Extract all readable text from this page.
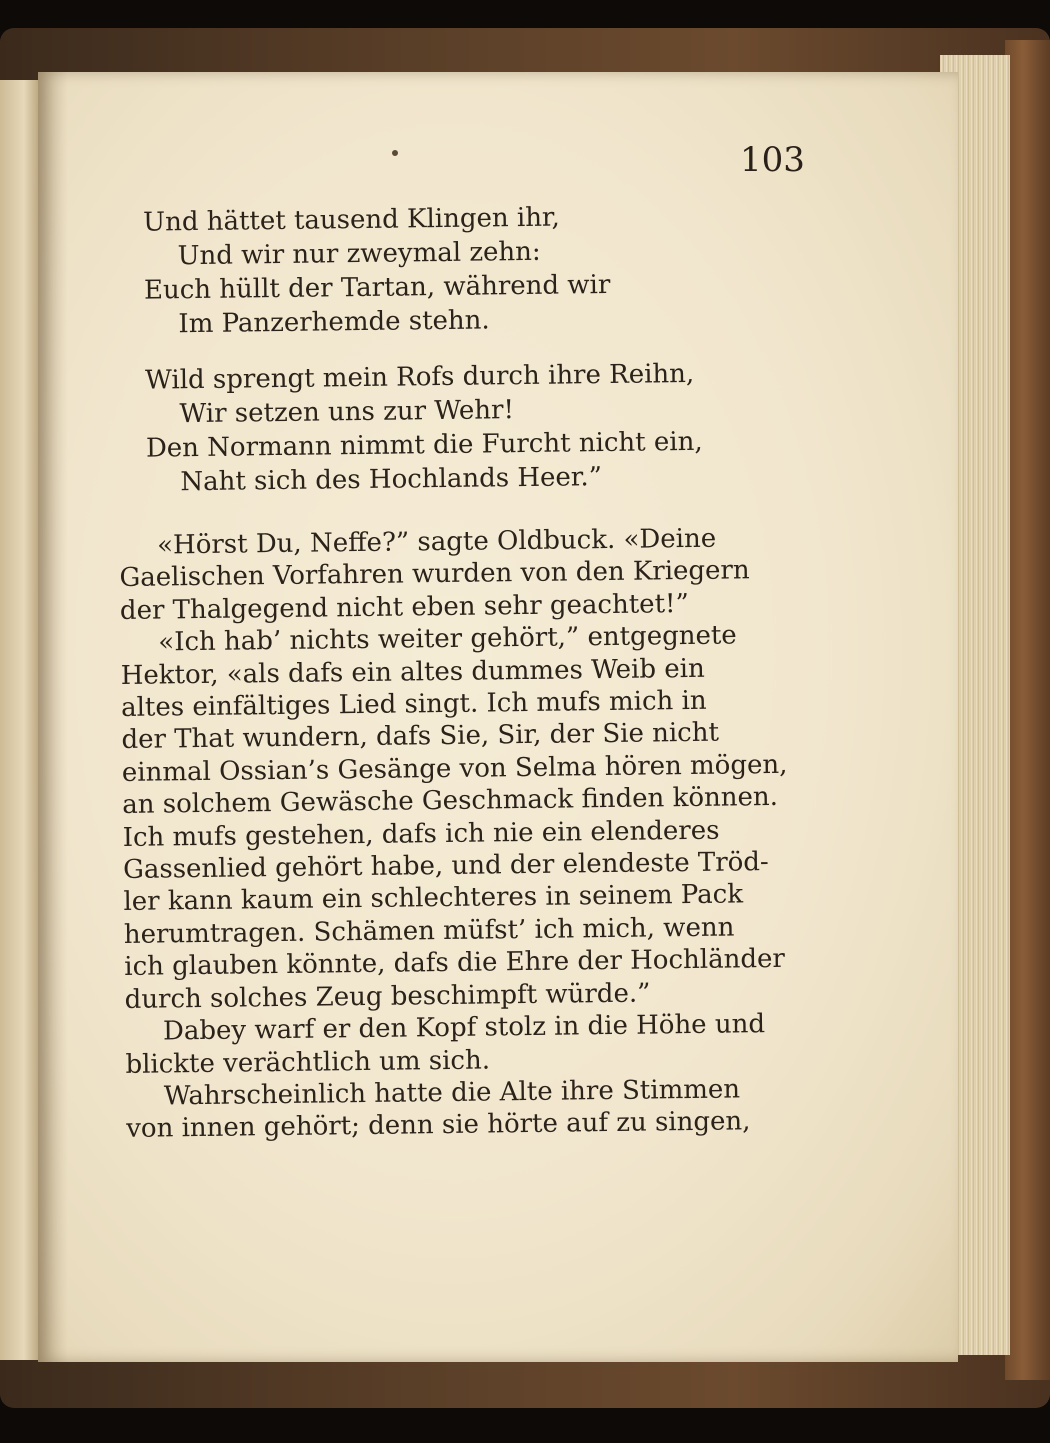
103
Und hättet tausend Klingen ihr,
Und wir nur zweymal zehn:
Euch hüllt der Tartan, während wir
Im Panzerhemde stehn.
Wild sprengt mein Rofs durch ihre Reihn,
Wir setzen uns zur Wehr!
Den Normann nimmt die Furcht nicht ein,
Naht sich des Hochlands Heer.”
«Hörst Du, Neffe?” sagte Oldbuck. «Deine
Gaelischen Vorfahren wurden von den Kriegern
der Thalgegend nicht eben sehr geachtet!”
«Ich hab’ nichts weiter gehört,” entgegnete
Hektor, «als dafs ein altes dummes Weib ein
altes einfältiges Lied singt. Ich mufs mich in
der That wundern, dafs Sie, Sir, der Sie nicht
einmal Ossian’s Gesänge von Selma hören mögen,
an solchem Gewäsche Geschmack finden können.
Ich mufs gestehen, dafs ich nie ein elenderes
Gassenlied gehört habe, und der elendeste Tröd-
ler kann kaum ein schlechteres in seinem Pack
herumtragen. Schämen müfst’ ich mich, wenn
ich glauben könnte, dafs die Ehre der Hochländer
durch solches Zeug beschimpft würde.”
Dabey warf er den Kopf stolz in die Höhe und
blickte verächtlich um sich.
Wahrscheinlich hatte die Alte ihre Stimmen
von innen gehört; denn sie hörte auf zu singen,
